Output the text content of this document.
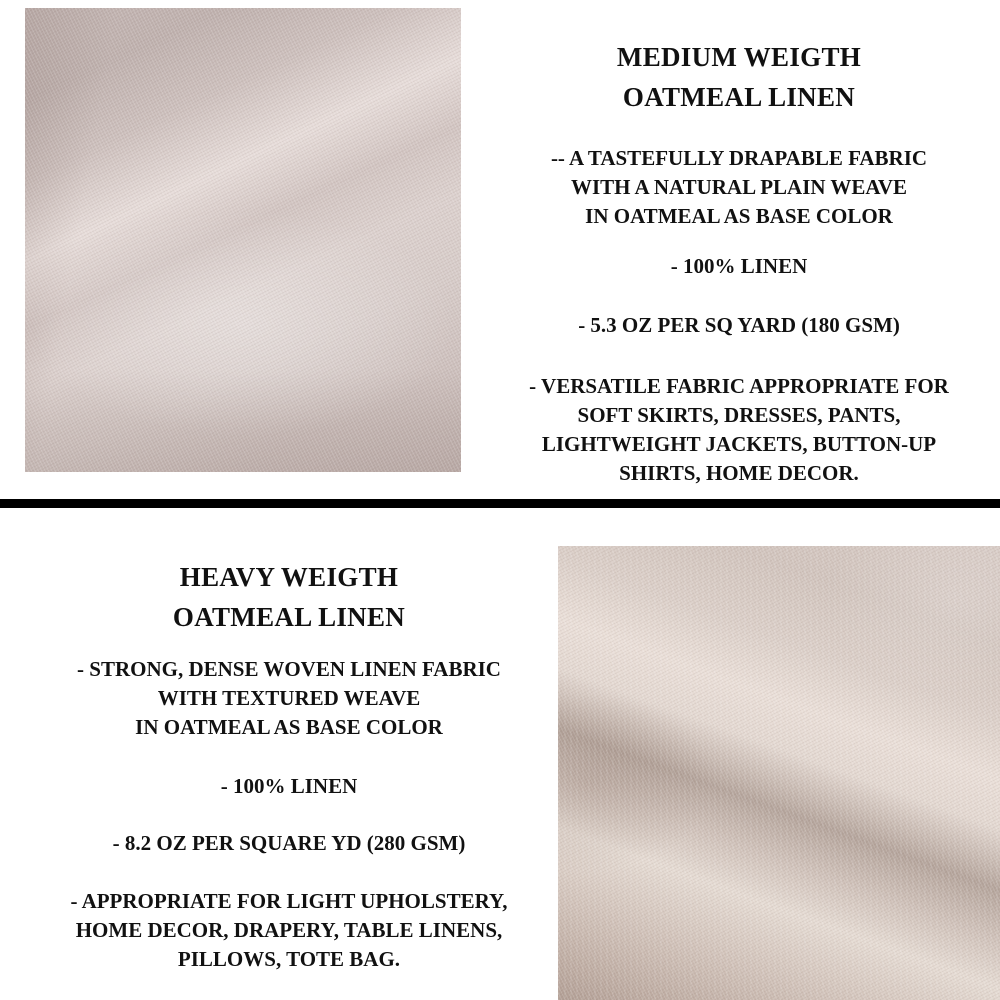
MEDIUM WEIGTH
OATMEAL LINEN
-- A TASTEFULLY DRAPABLE FABRIC
WITH A NATURAL PLAIN WEAVE
IN OATMEAL AS BASE COLOR
- 100% LINEN
- 5.3 OZ PER SQ YARD (180 GSM)
- VERSATILE FABRIC APPROPRIATE FOR
SOFT SKIRTS, DRESSES, PANTS,
LIGHTWEIGHT JACKETS, BUTTON-UP
SHIRTS, HOME DECOR.
HEAVY WEIGTH
OATMEAL LINEN
- STRONG, DENSE WOVEN LINEN FABRIC
WITH TEXTURED WEAVE
IN OATMEAL AS BASE COLOR
- 100% LINEN
- 8.2 OZ PER SQUARE YD (280 GSM)
- APPROPRIATE FOR LIGHT UPHOLSTERY,
HOME DECOR, DRAPERY, TABLE LINENS,
PILLOWS, TOTE BAG.
